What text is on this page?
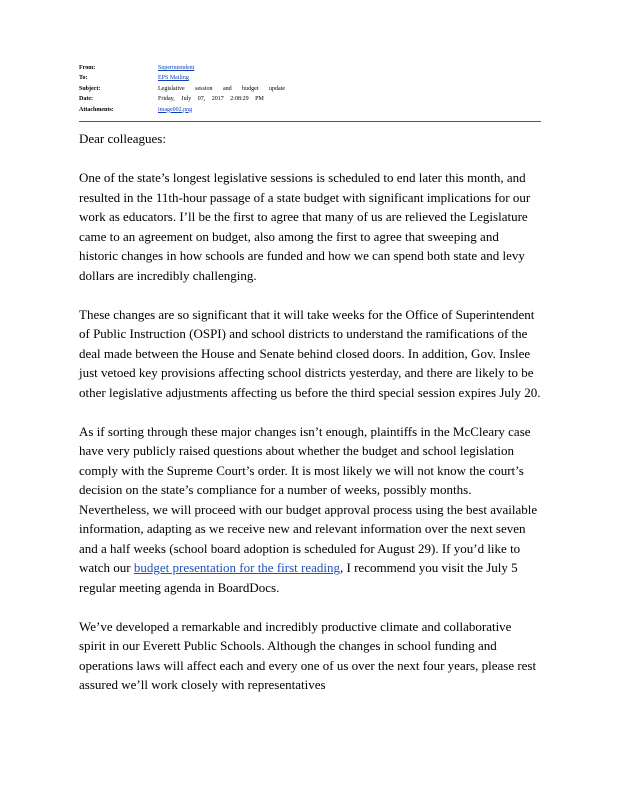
From:	Superintendent
To:	EPS Mailing
Subject:	Legislative session and budget update
Date:	Friday, July 07, 2017 2:08:29 PM
Attachments:	image002.png

Dear colleagues:

One of the state’s longest legislative sessions is scheduled to end later this month, and resulted in the 11th-hour passage of a state budget with significant implications for our work as educators. I’ll be the first to agree that many of us are relieved the Legislature came to an agreement on budget, also among the first to agree that sweeping and historic changes in how schools are funded and how we can spend both state and levy dollars are incredibly challenging.

These changes are so significant that it will take weeks for the Office of Superintendent of Public Instruction (OSPI) and school districts to understand the ramifications of the deal made between the House and Senate behind closed doors. In addition, Gov. Inslee just vetoed key provisions affecting school districts yesterday, and there are likely to be other legislative adjustments affecting us before the third special session expires July 20.

As if sorting through these major changes isn’t enough, plaintiffs in the McCleary case have very publicly raised questions about whether the budget and school legislation comply with the Supreme Court’s order. It is most likely we will not know the court’s decision on the state’s compliance for a number of weeks, possibly months. Nevertheless, we will proceed with our budget approval process using the best available information, adapting as we receive new and relevant information over the next seven and a half weeks (school board adoption is scheduled for August 29). If you’d like to watch our budget presentation for the first reading, I recommend you visit the July 5 regular meeting agenda in BoardDocs.

We’ve developed a remarkable and incredibly productive climate and collaborative spirit in our Everett Public Schools. Although the changes in school funding and operations laws will affect each and every one of us over the next four years, please rest assured we’ll work closely with representatives
